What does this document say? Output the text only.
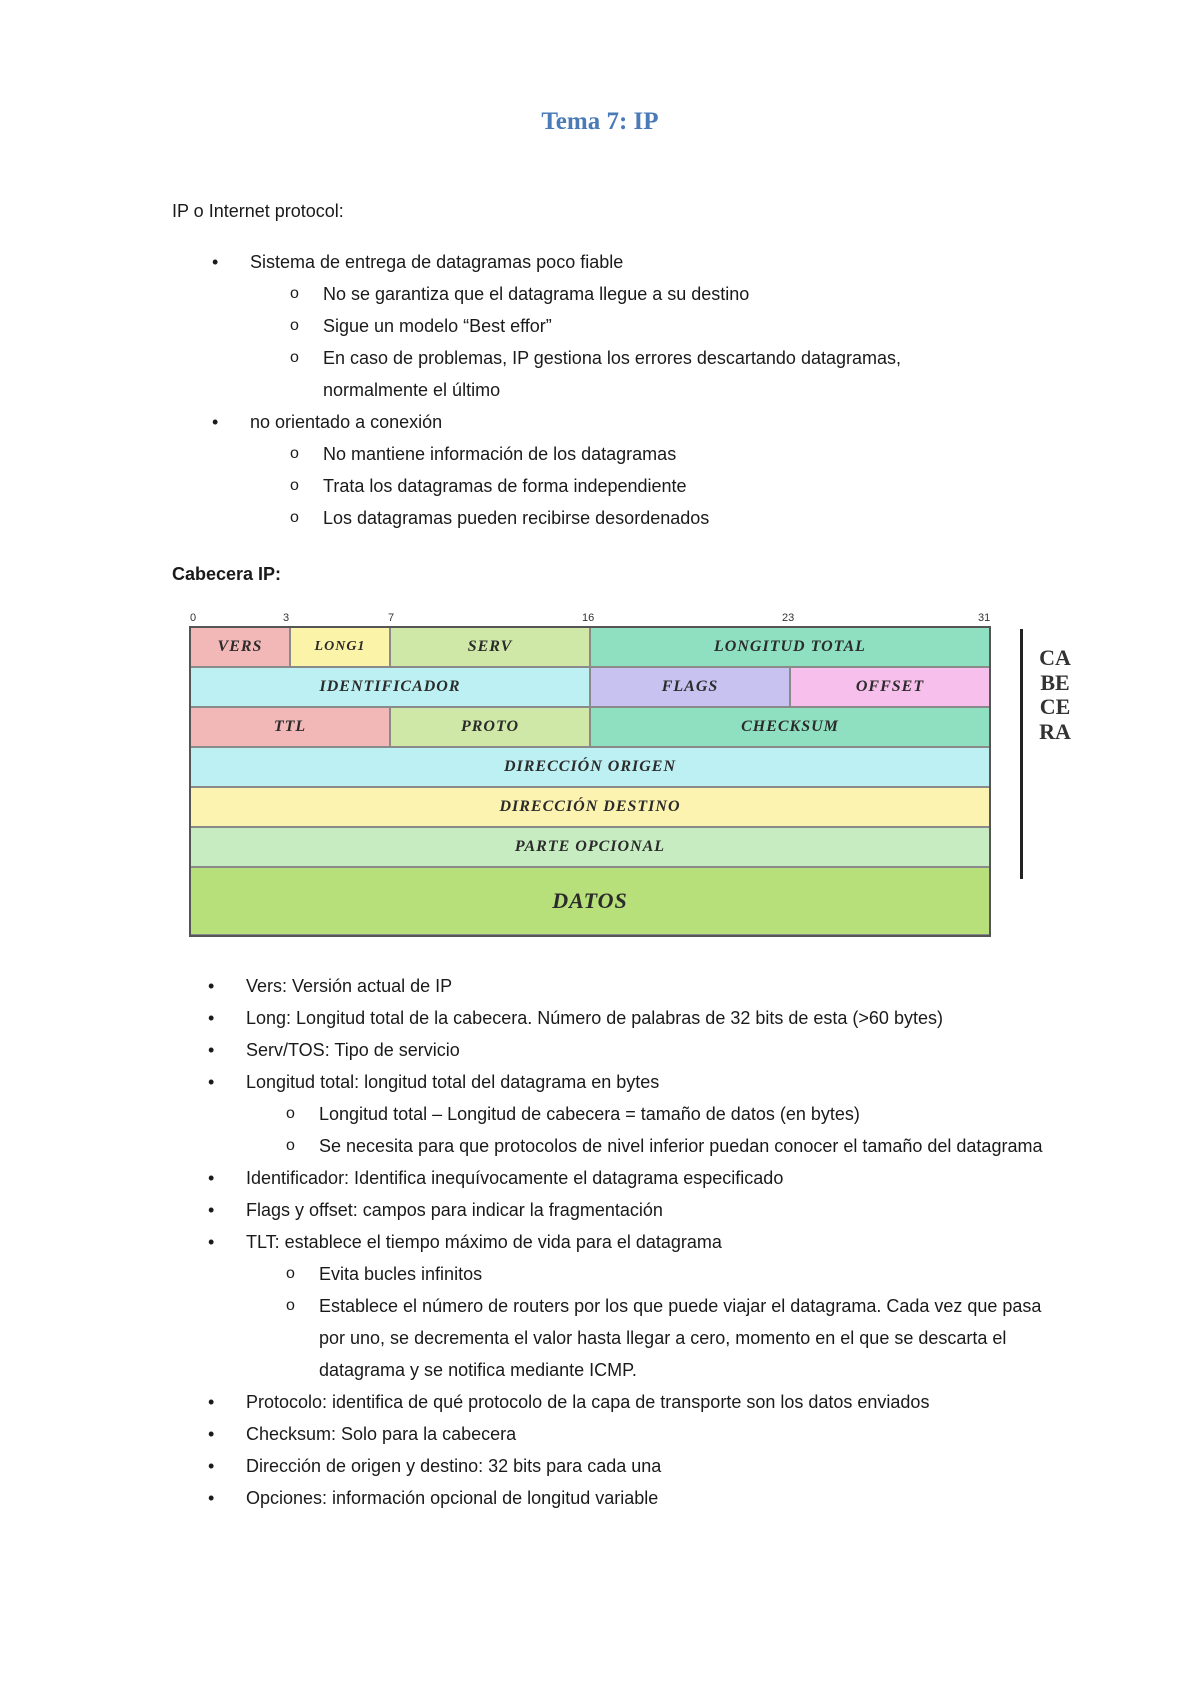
Tema 7: IP
IP o Internet protocol:
• Sistema de entrega de datagramas poco fiable
o No se garantiza que el datagrama llegue a su destino
o Sigue un modelo “Best effor”
o En caso de problemas, IP gestiona los errores descartando datagramas, normalmente el último
• no orientado a conexión
o No mantiene información de los datagramas
o Trata los datagramas de forma independiente
o Los datagramas pueden recibirse desordenados
Cabecera IP:
0	3	7	16	23	31
VERS	LONG1	SERV	LONGITUD TOTAL
IDENTIFICADOR	FLAGS	OFFSET
TTL	PROTO	CHECKSUM
DIRECCIÓN ORIGEN
DIRECCIÓN DESTINO
PARTE OPCIONAL
DATOS
CABECERA
• Vers: Versión actual de IP
• Long: Longitud total de la cabecera. Número de palabras de 32 bits de esta (>60 bytes)
• Serv/TOS: Tipo de servicio
• Longitud total: longitud total del datagrama en bytes
o Longitud total – Longitud de cabecera = tamaño de datos (en bytes)
o Se necesita para que protocolos de nivel inferior puedan conocer el tamaño del datagrama
• Identificador: Identifica inequívocamente el datagrama especificado
• Flags y offset: campos para indicar la fragmentación
• TLT: establece el tiempo máximo de vida para el datagrama
o Evita bucles infinitos
o Establece el número de routers por los que puede viajar el datagrama. Cada vez que pasa por uno, se decrementa el valor hasta llegar a cero, momento en el que se descarta el datagrama y se notifica mediante ICMP.
• Protocolo: identifica de qué protocolo de la capa de transporte son los datos enviados
• Checksum: Solo para la cabecera
• Dirección de origen y destino: 32 bits para cada una
• Opciones: información opcional de longitud variable
